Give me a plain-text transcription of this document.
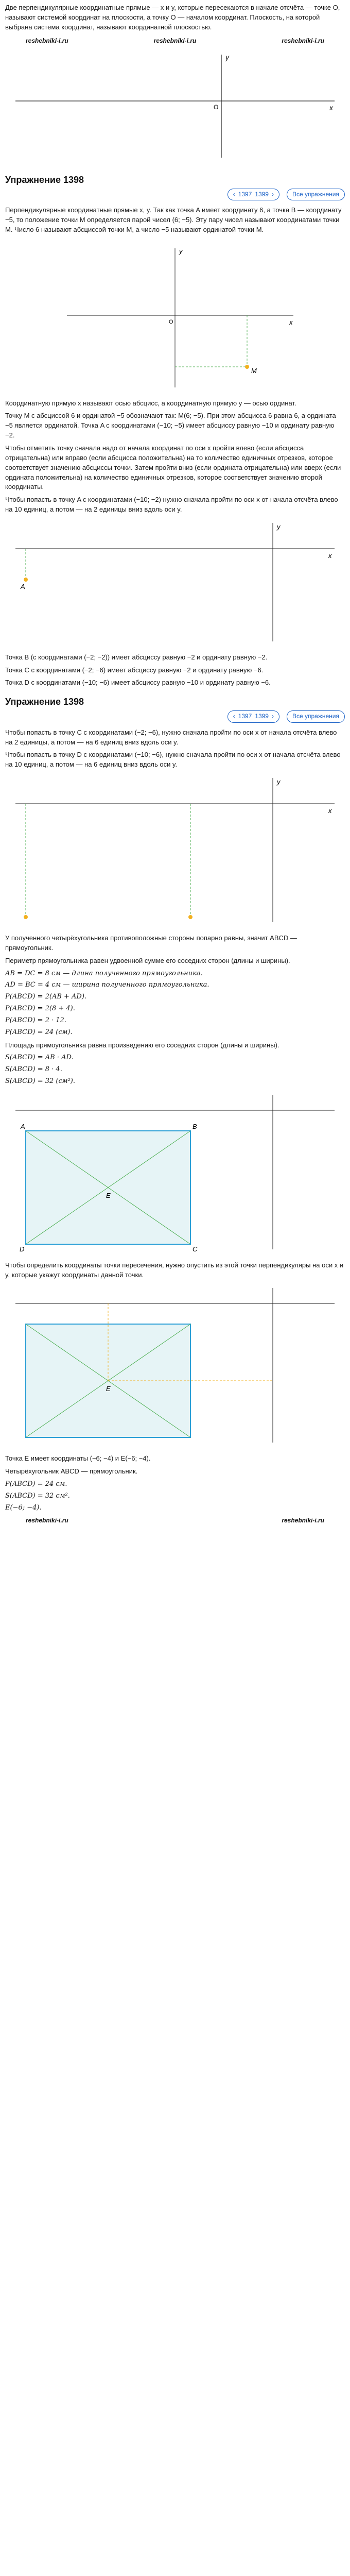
Две перпендикулярные координатные прямые — x и y, которые пересекаются в начале отсчёта — точке O, называют системой координат на плоскости, а точку O — началом координат. Плоскость, на которой выбрана система координат, называют координатной плоскостью.

reshebniki-i.ru	reshebniki-i.ru	reshebniki-i.ru
x
y
O
Упражнение 1398
‹ 1397 1399 ›	Все упражнения

Перпендикулярные координатные прямые x, y. Так как точка A имеет координату 6, а точка B — координату −5, то положение точки M определяется парой чисел (6; −5). Эту пару чисел называют координатами точки M. Число 6 называют абсциссой точки M, а число −5 называют ординатой точки M.

M
x
y
O

Координатную прямую x называют осью абсцисс, а координатную прямую y — осью ординат.

Точку M с абсциссой 6 и ординатой −5 обозначают так: M(6; −5). При этом абсцисса 6 равна 6, а ордината −5 является ординатой. Точка A с координатами (−10; −5) имеет абсциссу равную −10 и ординату равную −2.

Чтобы отметить точку сначала надо от начала координат по оси x пройти влево (если абсцисса отрицательна) или вправо (если абсцисса положительна) на то количество единичных отрезков, которое соответствует значению абсциссы точки. Затем пройти вниз (если ордината отрицательна) или вверх (если ордината положительна) на количество единичных отрезков, которое соответствует значению второй координаты.

Чтобы попасть в точку A с координатами (−10; −2) нужно сначала пройти по оси x от начала отсчёта влево на 10 единиц, а потом — на 2 единицы вниз вдоль оси y.

A
x
y

Точка B (с координатами (−2; −2)) имеет абсциссу равную −2 и ординату равную −2.

Точка C с координатами (−2; −6) имеет абсциссу равную −2 и ординату равную −6.

Точка D с координатами (−10; −6) имеет абсциссу равную −10 и ординату равную −6.

Упражнение 1398
‹ 1397 1399 ›	Все упражнения

Чтобы попасть в точку C с координатами (−2; −6), нужно сначала пройти по оси x от начала отсчёта влево на 2 единицы, а потом — на 6 единиц вниз вдоль оси y.

Чтобы попасть в точку D с координатами (−10; −6), нужно сначала пройти по оси x от начала отсчёта влево на 10 единиц, а потом — на 6 единиц вниз вдоль оси y.

x
y

У полученного четырёхугольника противоположные стороны попарно равны, значит ABCD — прямоугольник.

Периметр прямоугольника равен удвоенной сумме его соседних сторон (длины и ширины).

AB = DC = 8 см — длина полученного прямоугольника.

AD = BC = 4 см — ширина полученного прямоугольника.

P(ABCD) = 2(AB + AD).

P(ABCD) = 2(8 + 4).

P(ABCD) = 2 · 12.

P(ABCD) = 24 (см).

Площадь прямоугольника равна произведению его соседних сторон (длины и ширины).

S(ABCD) = AB · AD.

S(ABCD) = 8 · 4.

S(ABCD) = 32 (см²).

A	B
C
D
E

Чтобы определить координаты точки пересечения, нужно опустить из этой точки перпендикуляры на оси x и y, которые укажут координаты данной точки.

E

Точка E имеет координаты (−6; −4) и E(−6; −4).

Четырёхугольник ABCD — прямоугольник.

P(ABCD) = 24 см.

S(ABCD) = 32 см².

E(−6; −4).

reshebniki-i.ru	reshebniki-i.ru
